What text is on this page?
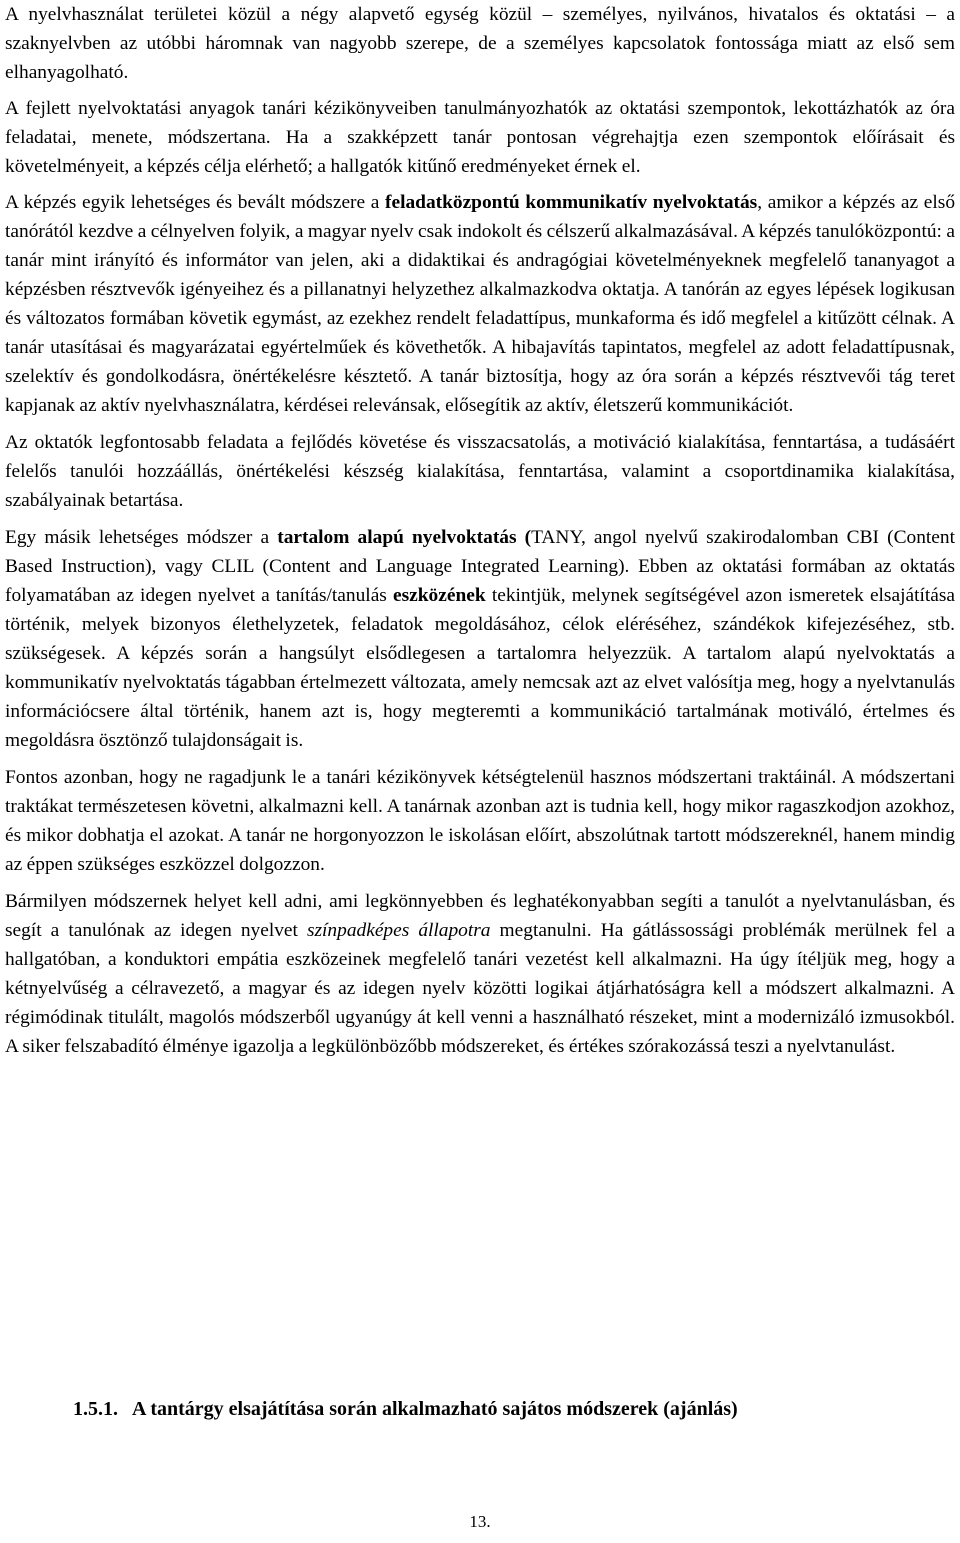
A nyelvhasználat területei közül a négy alapvető egység közül – személyes, nyilvános, hivatalos és oktatási – a szaknyelvben az utóbbi háromnak van nagyobb szerepe, de a személyes kapcsolatok fontossága miatt az első sem elhanyagolható.

A fejlett nyelvoktatási anyagok tanári kézikönyveiben tanulmányozhatók az oktatási szempontok, lekottázhatók az óra feladatai, menete, módszertana. Ha a szakképzett tanár pontosan végrehajtja ezen szempontok előírásait és követelményeit, a képzés célja elérhető; a hallgatók kitűnő eredményeket érnek el.

A képzés egyik lehetséges és bevált módszere a feladatközpontú kommunikatív nyelvoktatás, amikor a képzés az első tanórától kezdve a célnyelven folyik, a magyar nyelv csak indokolt és célszerű alkalmazásával. A képzés tanulóközpontú: a tanár mint irányító és informátor van jelen, aki a didaktikai és andragógiai követelményeknek megfelelő tananyagot a képzésben résztvevők igényeihez és a pillanatnyi helyzethez alkalmazkodva oktatja. A tanórán az egyes lépések logikusan és változatos formában követik egymást, az ezekhez rendelt feladattípus, munkaforma és idő megfelel a kitűzött célnak. A tanár utasításai és magyarázatai egyértelműek és követhetők. A hibajavítás tapintatos, megfelel az adott feladattípusnak, szelektív és gondolkodásra, önértékelésre késztető. A tanár biztosítja, hogy az óra során a képzés résztvevői tág teret kapjanak az aktív nyelvhasználatra, kérdései relevánsak, elősegítik az aktív, életszerű kommunikációt.

Az oktatók legfontosabb feladata a fejlődés követése és visszacsatolás, a motiváció kialakítása, fenntartása, a tudásáért felelős tanulói hozzáállás, önértékelési készség kialakítása, fenntartása, valamint a csoportdinamika kialakítása, szabályainak betartása.

Egy másik lehetséges módszer a tartalom alapú nyelvoktatás (TANY, angol nyelvű szakirodalomban CBI (Content Based Instruction), vagy CLIL (Content and Language Integrated Learning). Ebben az oktatási formában az oktatás folyamatában az idegen nyelvet a tanítás/tanulás eszközének tekintjük, melynek segítségével azon ismeretek elsajátítása történik, melyek bizonyos élethelyzetek, feladatok megoldásához, célok eléréséhez, szándékok kifejezéséhez, stb. szükségesek. A képzés során a hangsúlyt elsődlegesen a tartalomra helyezzük. A tartalom alapú nyelvoktatás a kommunikatív nyelvoktatás tágabban értelmezett változata, amely nemcsak azt az elvet valósítja meg, hogy a nyelvtanulás információcsere által történik, hanem azt is, hogy megteremti a kommunikáció tartalmának motiváló, értelmes és megoldásra ösztönző tulajdonságait is.

Fontos azonban, hogy ne ragadjunk le a tanári kézikönyvek kétségtelenül hasznos módszertani traktáinál. A módszertani traktákat természetesen követni, alkalmazni kell. A tanárnak azonban azt is tudnia kell, hogy mikor ragaszkodjon azokhoz, és mikor dobhatja el azokat. A tanár ne horgonyozzon le iskolásan előírt, abszolútnak tartott módszereknél, hanem mindig az éppen szükséges eszközzel dolgozzon.

Bármilyen módszernek helyet kell adni, ami legkönnyebben és leghatékonyabban segíti a tanulót a nyelvtanulásban, és segít a tanulónak az idegen nyelvet színpadképes állapotra megtanulni. Ha gátlássossági problémák merülnek fel a hallgatóban, a konduktori empátia eszközeinek megfelelő tanári vezetést kell alkalmazni. Ha úgy ítéljük meg, hogy a kétnyelvűség a célravezető, a magyar és az idegen nyelv közötti logikai átjárhatóságra kell a módszert alkalmazni. A régimódinak titulált, magolós módszerből ugyanúgy át kell venni a használható részeket, mint a modernizáló izmusokból. A siker felszabadító élménye igazolja a legkülönbözőbb módszereket, és értékes szórakozássá teszi a nyelvtanulást.

1.5.1. A tantárgy elsajátítása során alkalmazható sajátos módszerek (ajánlás)
13.
